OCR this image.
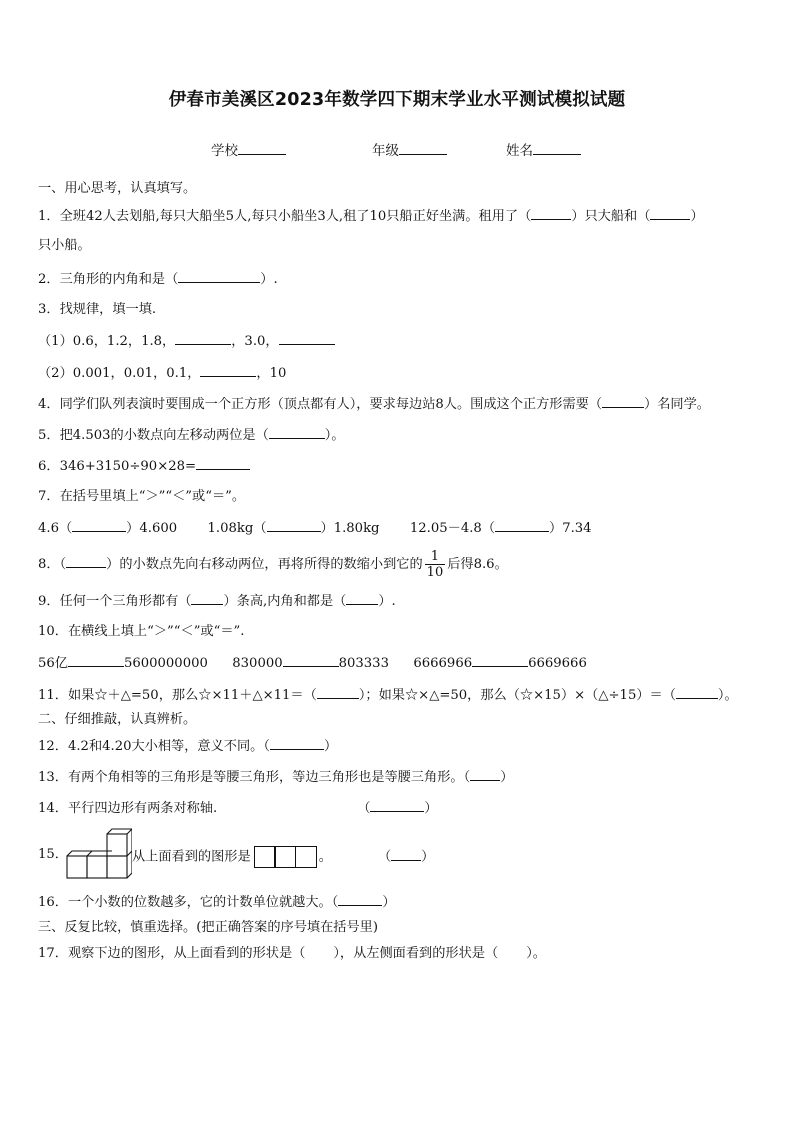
伊春市美溪区2023年数学四下期末学业水平测试模拟试题
学校	年级	姓名
一、用心思考，认真填写。
1．全班42人去划船,每只大船坐5人,每只小船坐3人,租了10只船正好坐满。租用了（	）只大船和（	）
只小船。
2．三角形的内角和是（	）.
3．找规律，填一填.
（1）0.6，1.2，1.8，	，3.0，
（2）0.001，0.01，0.1，	，10
4．同学们队列表演时要围成一个正方形（顶点都有人），要求每边站8人。围成这个正方形需要（	）名同学。
5．把4.503的小数点向左移动两位是（	）。
6．346+3150÷90×28=
7．在括号里填上“＞”“＜”或“＝”。
4.6（	）4.600 1.08kg（	）1.80kg 12.05－4.8（	）7.34
8．（	）的小数点先向右移动两位，再将所得的数缩小到它的 $\frac{1}{10}$ 后得8.6。
9．任何一个三角形都有（ ）条高,内角和都是（ ）.
10．在横线上填上“＞”“＜”或“＝”.
56亿	5600000000 830000	803333 6666966	6669666
11．如果☆＋△=50，那么☆×11＋△×11＝（	）；如果☆×△=50，那么（☆×15）×（△÷15）＝（	）。
二、仔细推敲，认真辨析。
12．4.2和4.20大小相等，意义不同。（	）
13．有两个角相等的三角形是等腰三角形，等边三角形也是等腰三角形。（ ）
14．平行四边形有两条对称轴.	（	）
15．	从上面看到的图形是	。	（ ）
16．一个小数的位数越多，它的计数单位就越大。（	）
三、反复比较，慎重选择。(把正确答案的序号填在括号里)
17．观察下边的图形，从上面看到的形状是（ ），从左侧面看到的形状是（ ）。
